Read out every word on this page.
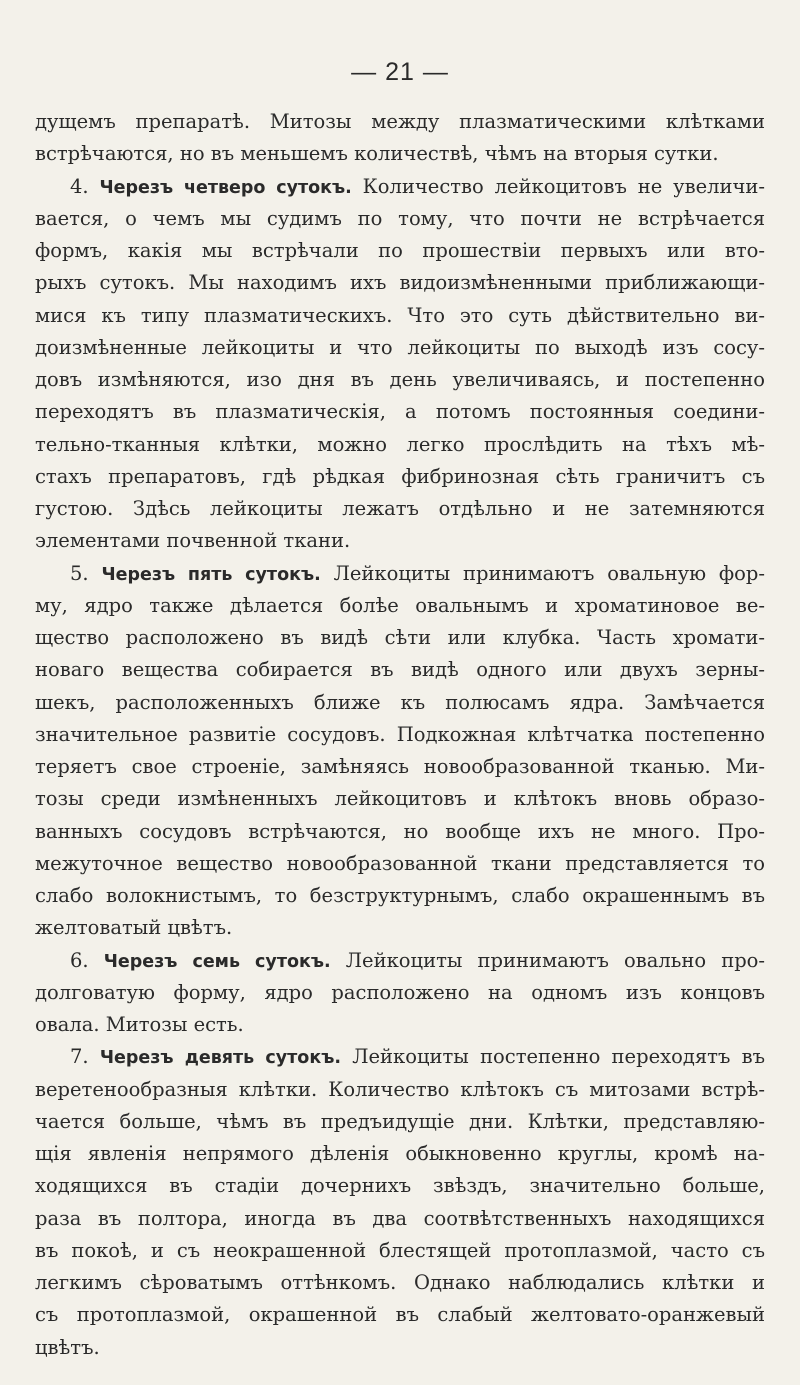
— 21 —
дущемъ препаратѣ. Митозы между плазматическими клѣтками
встрѣчаются, но въ меньшемъ количествѣ, чѣмъ на вторыя сутки.
4. Черезъ четверо сутокъ. Количество лейкоцитовъ не увеличи-
вается, о чемъ мы судимъ по тому, что почти не встрѣчается
формъ, какія мы встрѣчали по прошествіи первыхъ или вто-
рыхъ сутокъ. Мы находимъ ихъ видоизмѣненными приближающи-
мися къ типу плазматическихъ. Что это суть дѣйствительно ви-
доизмѣненные лейкоциты и что лейкоциты по выходѣ изъ сосу-
довъ измѣняются, изо дня въ день увеличиваясь, и постепенно
переходятъ въ плазматическія, а потомъ постоянныя соедини-
тельно-тканныя клѣтки, можно легко прослѣдить на тѣхъ мѣ-
стахъ препаратовъ, гдѣ рѣдкая фибринозная сѣть граничитъ съ
густою. Здѣсь лейкоциты лежатъ отдѣльно и не затемняются
элементами почвенной ткани.
5. Черезъ пять сутокъ. Лейкоциты принимаютъ овальную фор-
му, ядро также дѣлается болѣе овальнымъ и хроматиновое ве-
щество расположено въ видѣ сѣти или клубка. Часть хромати-
новаго вещества собирается въ видѣ одного или двухъ зерны-
шекъ, расположенныхъ ближе къ полюсамъ ядра. Замѣчается
значительное развитіе сосудовъ. Подкожная клѣтчатка постепенно
теряетъ свое строеніе, замѣняясь новообразованной тканью. Ми-
тозы среди измѣненныхъ лейкоцитовъ и клѣтокъ вновь образо-
ванныхъ сосудовъ встрѣчаются, но вообще ихъ не много. Про-
межуточное вещество новообразованной ткани представляется то
слабо волокнистымъ, то безструктурнымъ, слабо окрашеннымъ въ
желтоватый цвѣтъ.
6. Черезъ семь сутокъ. Лейкоциты принимаютъ овально про-
долговатую форму, ядро расположено на одномъ изъ концовъ
овала. Митозы есть.
7. Черезъ девять сутокъ. Лейкоциты постепенно переходятъ въ
веретенообразныя клѣтки. Количество клѣтокъ съ митозами встрѣ-
чается больше, чѣмъ въ предъидущіе дни. Клѣтки, представляю-
щія явленія непрямого дѣленія обыкновенно круглы, кромѣ на-
ходящихся въ стадіи дочернихъ звѣздъ, значительно больше,
раза въ полтора, иногда въ два соотвѣтственныхъ находящихся
въ покоѣ, и съ неокрашенной блестящей протоплазмой, часто съ
легкимъ сѣроватымъ оттѣнкомъ. Однако наблюдались клѣтки и
съ протоплазмой, окрашенной въ слабый желтовато-оранжевый
цвѣтъ.
